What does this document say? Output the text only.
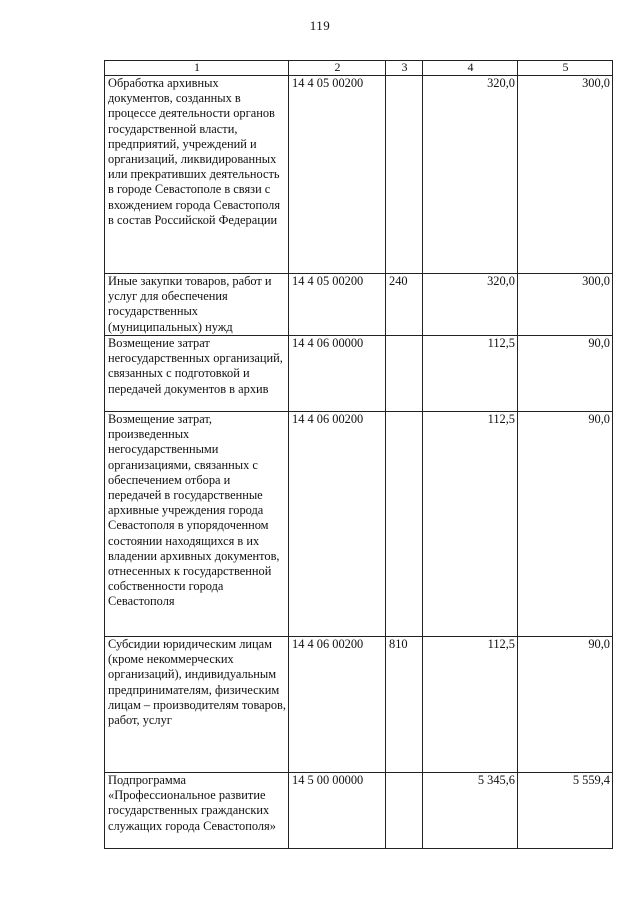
119
1	2	3	4	5
Обработка архивных документов, созданных в процессе деятельности органов государственной власти, предприятий, учреждений и организаций, ликвидированных или прекративших деятельность в городе Севастополе в связи с вхождением города Севастополя в состав Российской Федерации	14 4 05 00200		320,0	300,0
Иные закупки товаров, работ и услуг для обеспечения государственных (муниципальных) нужд	14 4 05 00200	240	320,0	300,0
Возмещение затрат негосударственных организаций, связанных с подготовкой и передачей документов в архив	14 4 06 00000		112,5	90,0
Возмещение затрат, произведенных негосударственными организациями, связанных с обеспечением отбора и передачей в государственные архивные учреждения города Севастополя в упорядоченном состоянии находящихся в их владении архивных документов, отнесенных к государственной собственности города Севастополя	14 4 06 00200		112,5	90,0
Субсидии юридическим лицам (кроме некоммерческих организаций), индивидуальным предпринимателям, физическим лицам – производителям товаров, работ, услуг	14 4 06 00200	810	112,5	90,0
Подпрограмма «Профессиональное развитие государственных гражданских служащих города Севастополя»	14 5 00 00000		5 345,6	5 559,4
